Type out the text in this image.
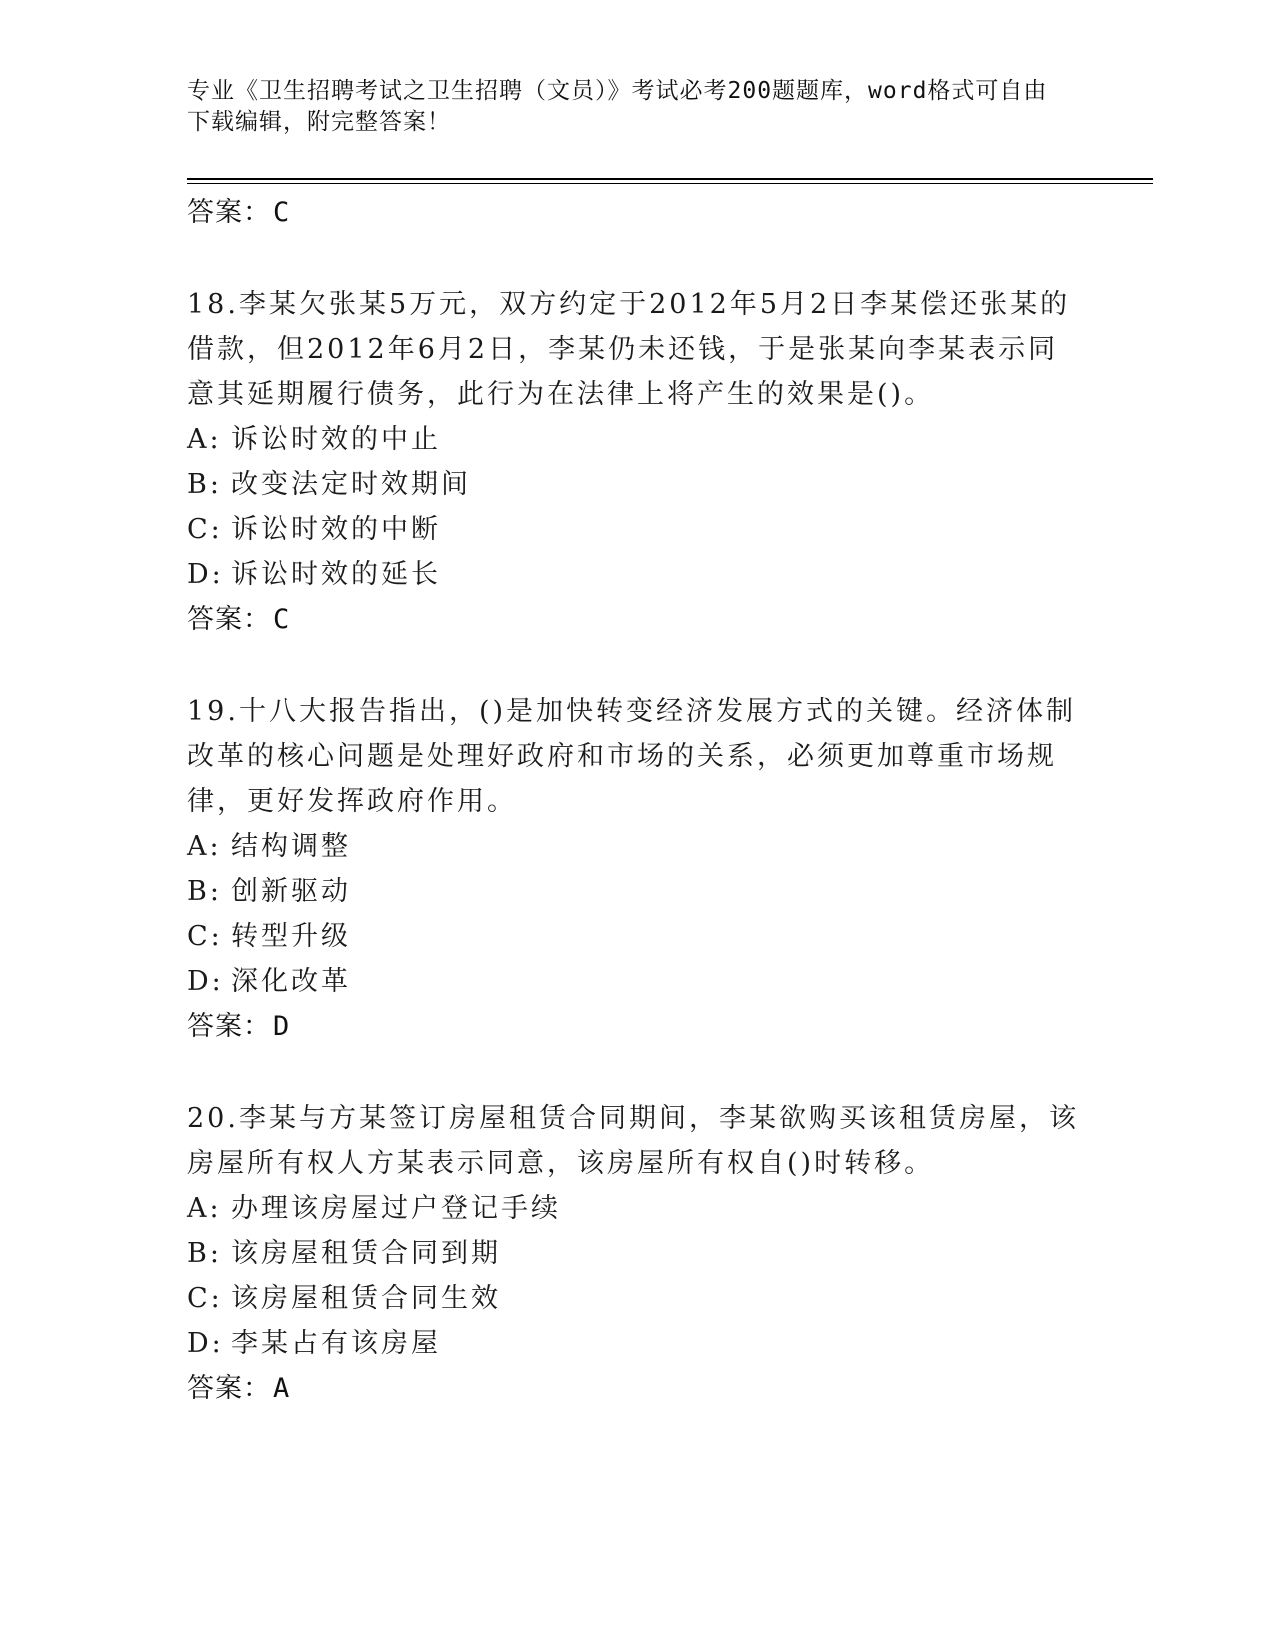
专业《卫生招聘考试之卫生招聘（文员）》考试必考200题题库，word格式可自由下载编辑，附完整答案！
答案：C
18.李某欠张某5万元，双方约定于2012年5月2日李某偿还张某的借款，但2012年6月2日，李某仍未还钱，于是张某向李某表示同意其延期履行债务，此行为在法律上将产生的效果是()。
A: 诉讼时效的中止
B: 改变法定时效期间
C: 诉讼时效的中断
D: 诉讼时效的延长
答案：C
19.十八大报告指出，()是加快转变经济发展方式的关键。经济体制改革的核心问题是处理好政府和市场的关系，必须更加尊重市场规律，更好发挥政府作用。
A: 结构调整
B: 创新驱动
C: 转型升级
D: 深化改革
答案：D
20.李某与方某签订房屋租赁合同期间，李某欲购买该租赁房屋，该房屋所有权人方某表示同意，该房屋所有权自()时转移。
A: 办理该房屋过户登记手续
B: 该房屋租赁合同到期
C: 该房屋租赁合同生效
D: 李某占有该房屋
答案：A
